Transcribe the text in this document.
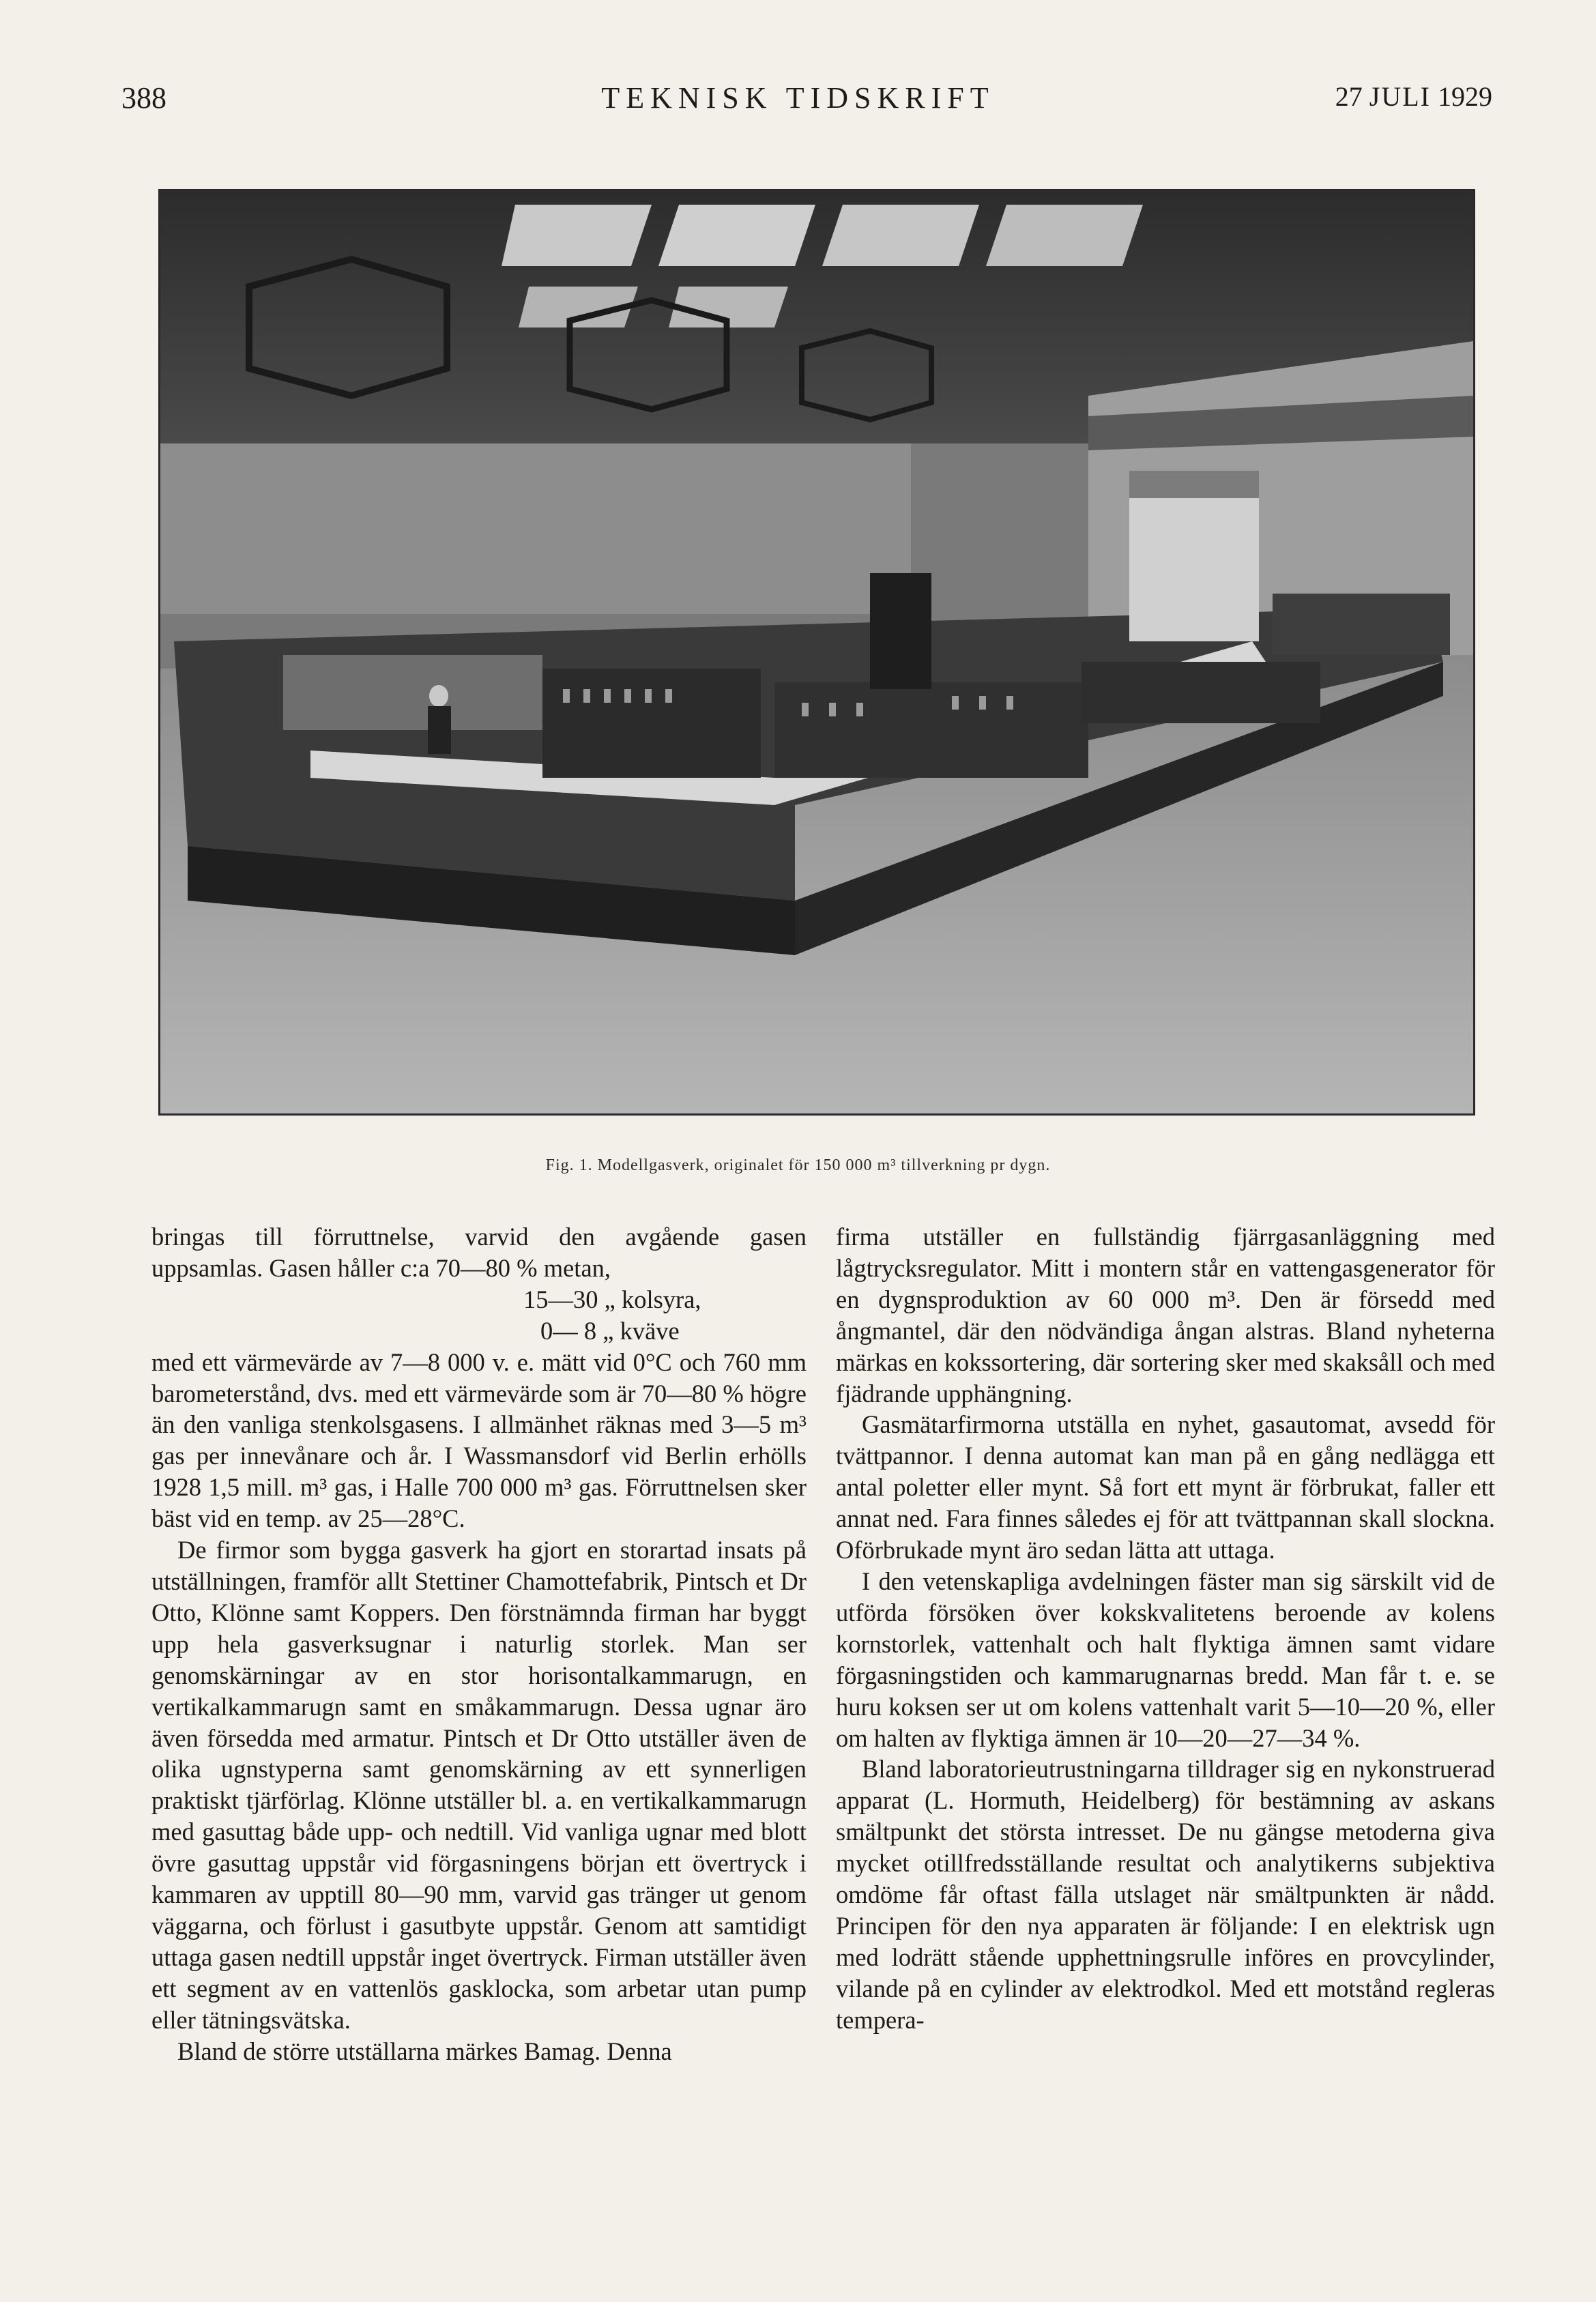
388	TEKNISK TIDSKRIFT	27 JULI 1929
Fig. 1. Modellgasverk, originalet för 150 000 m³ tillverkning pr dygn.
bringas till förruttnelse, varvid den avgående gasen
uppsamlas. Gasen håller c:a 70—80 % metan,
15—30 „ kolsyra,
0— 8 „ kväve

med ett värmevärde av 7—8 000 v. e. mätt vid 0°C och 760 mm barometerstånd, dvs. med ett värmevärde som är 70—80 % högre än den vanliga stenkolsgasens. I allmänhet räknas med 3—5 m³ gas per innevånare och år. I Wassmansdorf vid Berlin erhölls 1928 1,5 mill. m³ gas, i Halle 700 000 m³ gas. Förruttnelsen sker bäst vid en temp. av 25—28°C.

De firmor som bygga gasverk ha gjort en storartad insats på utställningen, framför allt Stettiner Chamottefabrik, Pintsch et Dr Otto, Klönne samt Koppers. Den förstnämnda firman har byggt upp hela gasverksugnar i naturlig storlek. Man ser genomskärningar av en stor horisontalkammarugn, en vertikalkammarugn samt en småkammarugn. Dessa ugnar äro även försedda med armatur. Pintsch et Dr Otto utställer även de olika ugnstyperna samt genomskärning av ett synnerligen praktiskt tjärförlag. Klönne utställer bl. a. en vertikalkammarugn med gasuttag både upp- och nedtill. Vid vanliga ugnar med blott övre gasuttag uppstår vid förgasningens början ett övertryck i kammaren av upptill 80—90 mm, varvid gas tränger ut genom väggarna, och förlust i gasutbyte uppstår. Genom att samtidigt uttaga gasen nedtill uppstår inget övertryck. Firman utställer även ett segment av en vattenlös gasklocka, som arbetar utan pump eller tätningsvätska.

Bland de större utställarna märkes Bamag. Denna

firma utställer en fullständig fjärrgasanläggning med lågtrycksregulator. Mitt i montern står en vattengasgenerator för en dygnsproduktion av 60 000 m³. Den är försedd med ångmantel, där den nödvändiga ångan alstras. Bland nyheterna märkas en kokssortering, där sortering sker med skaksåll och med fjädrande upphängning.

Gasmätarfirmorna utställa en nyhet, gasautomat, avsedd för tvättpannor. I denna automat kan man på en gång nedlägga ett antal poletter eller mynt. Så fort ett mynt är förbrukat, faller ett annat ned. Fara finnes således ej för att tvättpannan skall slockna. Oförbrukade mynt äro sedan lätta att uttaga.

I den vetenskapliga avdelningen fäster man sig särskilt vid de utförda försöken över kokskvalitetens beroende av kolens kornstorlek, vattenhalt och halt flyktiga ämnen samt vidare förgasningstiden och kammarugnarnas bredd. Man får t. e. se huru koksen ser ut om kolens vattenhalt varit 5—10—20 %, eller om halten av flyktiga ämnen är 10—20—27—34 %.

Bland laboratorieutrustningarna tilldrager sig en nykonstruerad apparat (L. Hormuth, Heidelberg) för bestämning av askans smältpunkt det största intresset. De nu gängse metoderna giva mycket otillfredsställande resultat och analytikerns subjektiva omdöme får oftast fälla utslaget när smältpunkten är nådd. Principen för den nya apparaten är följande: I en elektrisk ugn med lodrätt stående upphettningsrulle införes en provcylinder, vilande på en cylinder av elektrodkol. Med ett motstånd regleras tempera-
